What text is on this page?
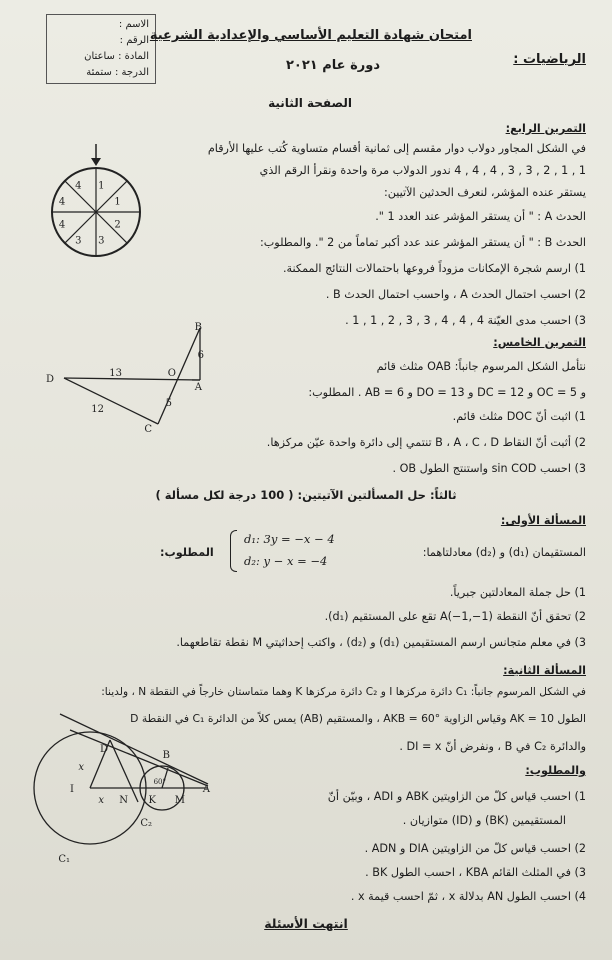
الاسم :
الرقم :
المادة : ساعتان
الدرجة : ستمئة
امتحان شهادة التعليم الأساسي والإعدادية الشرعية
الرياضيات :
دورة عام ٢٠٢١
الصفحة الثانية
التمرين الرابع:
في الشكل المجاور دولاب دوار مقسم إلى ثمانية أقسام متساوية كُتب عليها الأرقام
1 , 1 , 2 , 3 , 3 , 4 , 4 , 4 ندور الدولاب مرة واحدة ونقرأ الرقم الذي
يستقر عنده المؤشر، لنعرف الحدثين الآتيين:
الحدث A : " أن يستقر المؤشر عند العدد 1 ".
الحدث B : " أن يستقر المؤشر عند عدد أكبر تماماً من 2 ". والمطلوب:
1) ارسم شجرة الإمكانات مزوداً فروعها باحتمالات النتائج الممكنة.
2) احسب احتمال الحدث A ، واحسب احتمال الحدث B .
3) احسب مدى العيّنة 4 , 4 , 4 , 3 , 3 , 2 , 1 , 1 .
1
1
2
3
3
4
4
4
التمرين الخامس:
نتأمل الشكل المرسوم جانباً: OAB مثلث قائم
و OC = 5 و DC = 12 و DO = 13 و AB = 6 . المطلوب:
1) اثبت أنّ DOC مثلث قائم.
2) أثبت أنّ النقاط B ، A ، C ، D تنتمي إلى دائرة واحدة عيّن مركزها.
3) احسب sin COD واستنتج الطول OB .
B
6
D
13	O
A
12
5
C
ثالثاً: حل المسألتين الآتيتين: ( 100 درجة لكل مسألة )
المسألة الأولى:
المستقيمان (d₁) و (d₂) معادلتاهما:
d₁: 3y = −x − 4
d₂: y − x = −4
المطلوب:
1) حل جملة المعادلتين جبرياً.
2) تحقق أنّ النقطة A(−1,−1) تقع على المستقيم (d₁).
3) في معلم متجانس ارسم المستقيمين (d₁) و (d₂) ، واكتب إحداثيتي M نقطة تقاطعهما.
المسألة الثانية:
في الشكل المرسوم جانباً: C₁ دائرة مركزها I و C₂ دائرة مركزها K وهما متماستان خارجاً في النقطة N ، ولدينا:
الطول AK = 10 وقياس الزاوية AKB = 60° ، والمستقيم (AB) يمس كلاً من الدائرة C₁ في النقطة D
والدائرة C₂ في B ، ونفرض أنّ DI = x .
والمطلوب:
1) احسب قياس كلّ من الزاويتين ABK و ADI ، وبيّن أنّ
المستقيمين (BK) و (ID) متوازيان .
2) احسب قياس كلّ من الزاويتين DIA و ADN .
3) في المثلث القائم KBA ، احسب الطول BK .
4) احسب الطول AN بدلالة x ، ثمّ احسب قيمة x .
D
B
x
I
x N K M
A
60°
C₂
C₁
انتهت الأسئلة
